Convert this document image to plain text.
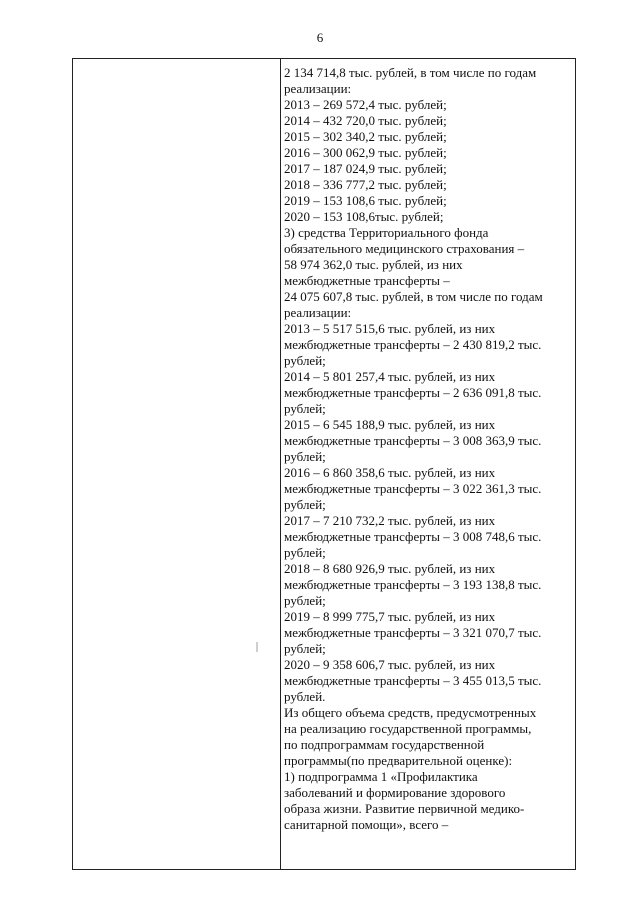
6
2 134 714,8 тыс. рублей, в том числе по годам
реализации:
2013 – 269 572,4 тыс. рублей;
2014 – 432 720,0 тыс. рублей;
2015 – 302 340,2 тыс. рублей;
2016 – 300 062,9 тыс. рублей;
2017 – 187 024,9 тыс. рублей;
2018 – 336 777,2 тыс. рублей;
2019 – 153 108,6 тыс. рублей;
2020 – 153 108,6тыс. рублей;
3) средства Территориального фонда
обязательного медицинского страхования –
58 974 362,0 тыс. рублей, из них
межбюджетные трансферты –
24 075 607,8 тыс. рублей, в том числе по годам
реализации:
2013 – 5 517 515,6 тыс. рублей, из них
межбюджетные трансферты – 2 430 819,2 тыс.
рублей;
2014 – 5 801 257,4 тыс. рублей, из них
межбюджетные трансферты – 2 636 091,8 тыс.
рублей;
2015 – 6 545 188,9 тыс. рублей, из них
межбюджетные трансферты – 3 008 363,9 тыс.
рублей;
2016 – 6 860 358,6 тыс. рублей, из них
межбюджетные трансферты – 3 022 361,3 тыс.
рублей;
2017 – 7 210 732,2 тыс. рублей, из них
межбюджетные трансферты – 3 008 748,6 тыс.
рублей;
2018 – 8 680 926,9 тыс. рублей, из них
межбюджетные трансферты – 3 193 138,8 тыс.
рублей;
2019 – 8 999 775,7 тыс. рублей, из них
межбюджетные трансферты – 3 321 070,7 тыс.
рублей;
2020 – 9 358 606,7 тыс. рублей, из них
межбюджетные трансферты – 3 455 013,5 тыс.
рублей.
Из общего объема средств, предусмотренных
на реализацию государственной программы,
по подпрограммам государственной
программы(по предварительной оценке):
1) подпрограмма 1 «Профилактика
заболеваний и формирование здорового
образа жизни. Развитие первичной медико-
санитарной помощи», всего –
